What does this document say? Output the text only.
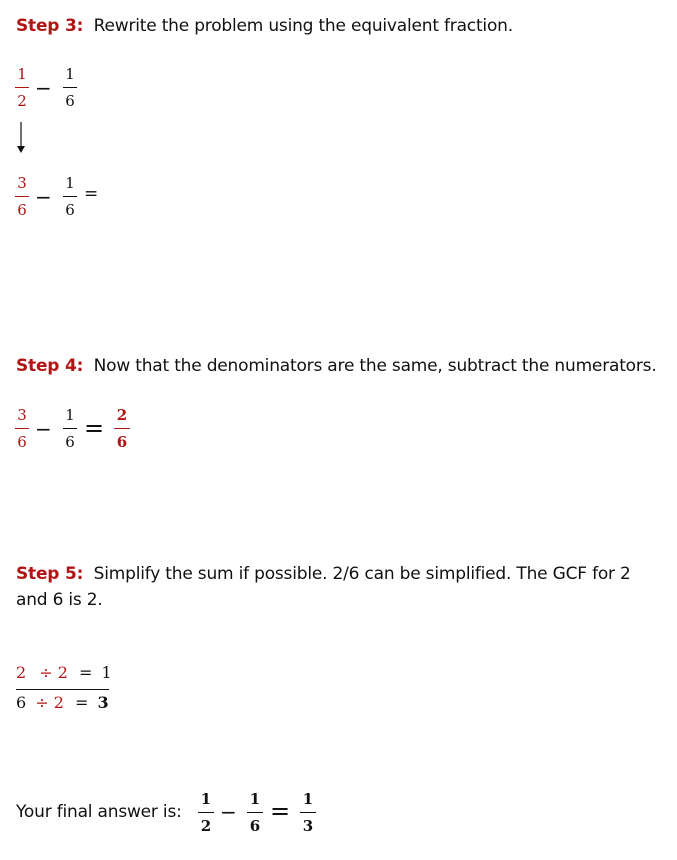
Step 3: Rewrite the problem using the equivalent fraction.
1
2
−
1
6
3
6
−
1
6
=
Step 4: Now that the denominators are the same, subtract the numerators.
3
6
−
1
6 = 2
6
Step 5: Simplify the sum if possible. 2/6 can be simplified. The GCF for 2 and 6 is 2.
2 ÷ 2 = 1
6 ÷ 2 = 3
Your final answer is:
1
2
−
1
6
= 1
3
